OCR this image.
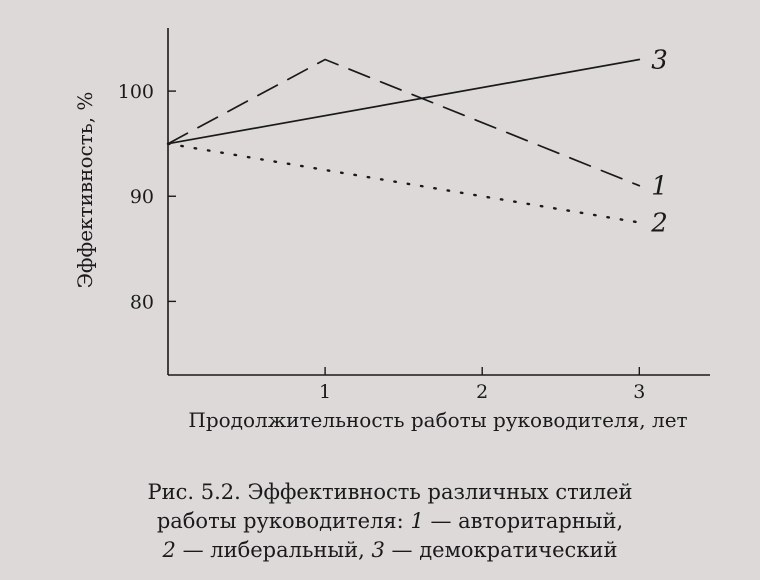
1	2	3
80
90
100
1
2
3
Продолжительность работы руководителя, лет
Эффективность, %
Рис. 5.2. Эффективность различных стилей
работы руководителя: 1 — авторитарный,
2 — либеральный, 3 — демократический
